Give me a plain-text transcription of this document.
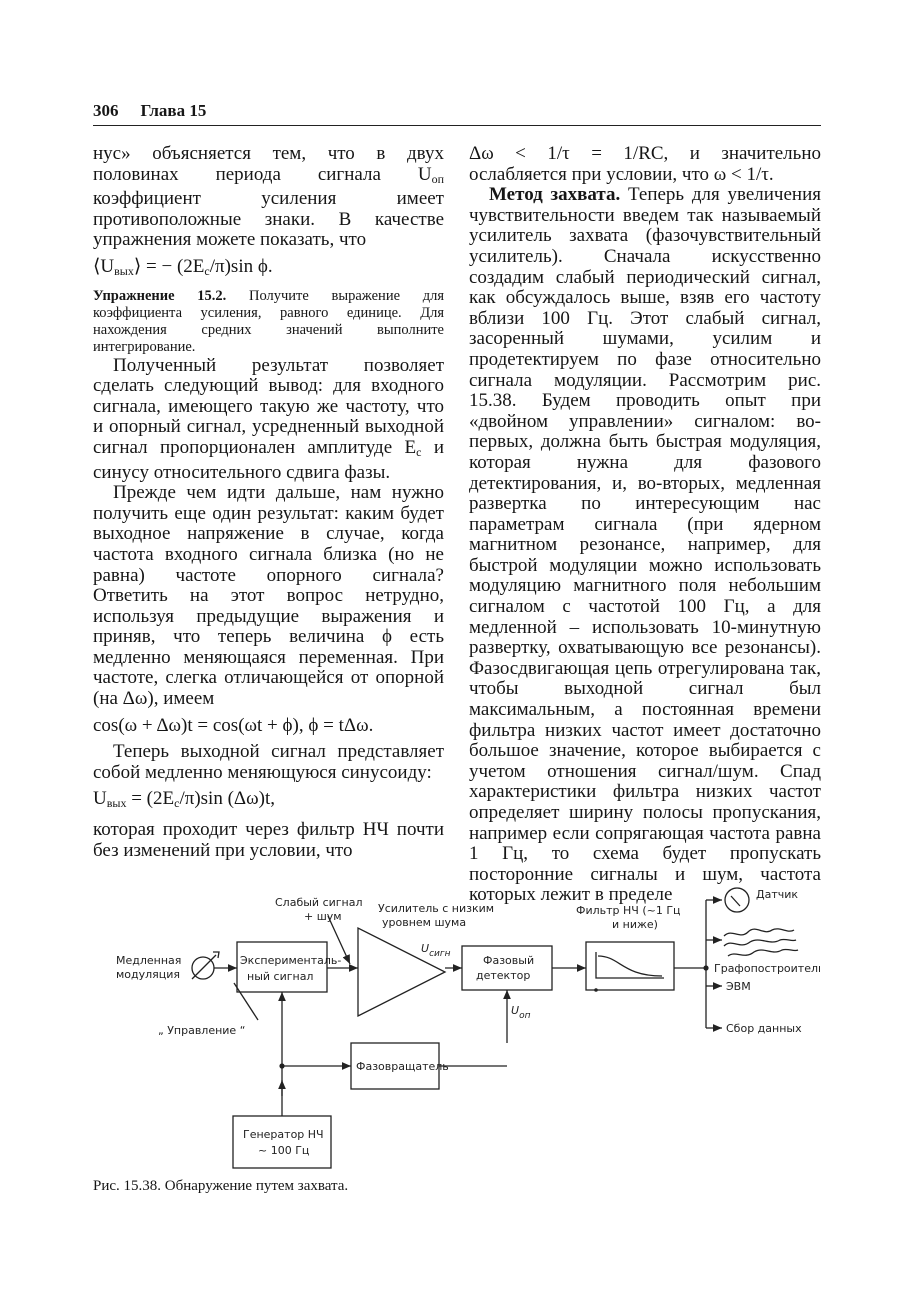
306 Глава 15

нус» объясняется тем, что в двух половинах периода сигнала $U_{оп}$ коэффициент усиления имеет противоположные знаки. В качестве упражнения можете показать, что

$⟨U_{вых}⟩$ = − $(2E_с/\pi)\sin$ ϕ.

Упражнение 15.2. Получите выражение для коэффициента усиления, равного единице. Для нахождения средних значений выполните интегрирование.

Полученный результат позволяет сделать следующий вывод: для входного сигнала, имеющего такую же частоту, что и опорный сигнал, усредненный выходной сигнал пропорционален амплитуде $E_с$ и синусу относительного сдвига фазы.

Прежде чем идти дальше, нам нужно получить еще один результат: каким будет выходное напряжение в случае, когда частота входного сигнала близка (но не равна) частоте опорного сигнала? Ответить на этот вопрос нетрудно, используя предыдущие выражения и приняв, что теперь величина ϕ есть медленно меняющаяся переменная. При частоте, слегка отличающейся от опорной (на Δω), имеем

cos(ω + Δω)t = cos(ωt + ϕ), ϕ = tΔω.

Теперь выходной сигнал представляет собой медленно меняющуюся синусоиду:

$U_{вых} = (2E_с/\pi)\sin$ (Δω)t,

которая проходит через фильтр НЧ почти без изменений при условии, что

Δω < 1/τ = 1/RC, и значительно ослабляется при условии, что ω < 1/τ.

Метод захвата. Теперь для увеличения чувствительности введем так называемый усилитель захвата (фазочувствительный усилитель). Сначала искусственно создадим слабый периодический сигнал, как обсуждалось выше, взяв его частоту вблизи 100 Гц. Этот слабый сигнал, засоренный шумами, усилим и продетектируем по фазе относительно сигнала модуляции. Рассмотрим рис. 15.38. Будем проводить опыт при «двойном управлении» сигналом: во-первых, должна быть быстрая модуляция, которая нужна для фазового детектирования, и, во-вторых, медленная развертка по интересующим нас параметрам сигнала (при ядерном магнитном резонансе, например, для быстрой модуляции можно использовать модуляцию магнитного поля небольшим сигналом с частотой 100 Гц, а для медленной – использовать 10-минутную развертку, охватывающую все резонансы). Фазосдвигающая цепь отрегулирована так, чтобы выходной сигнал был максимальным, а постоянная времени фильтра низких частот имеет достаточно большое значение, которое выбирается с учетом отношения сигнал/шум. Спад характеристики фильтра низких частот определяет ширину полосы пропускания, например если сопрягающая частота равна 1 Гц, то схема будет пропускать посторонние сигналы и шум, частота которых лежит в пределе

Слабый сигнал
+ шум
Усилитель с низким
уровнем шума
Фильтр НЧ (~1 Гц
и ниже)
Медленная
модуляция
Эксперименталь-
ный сигнал
$U_{сигн}$	Фазовый
детектор
$U_{оп}$
„ Управление “
Фазовращатель
Генератор НЧ
~ 100 Гц
Датчик
Графопостроитель
ЭВМ
Сбор данных
Рис. 15.38. Обнаружение путем захвата.
